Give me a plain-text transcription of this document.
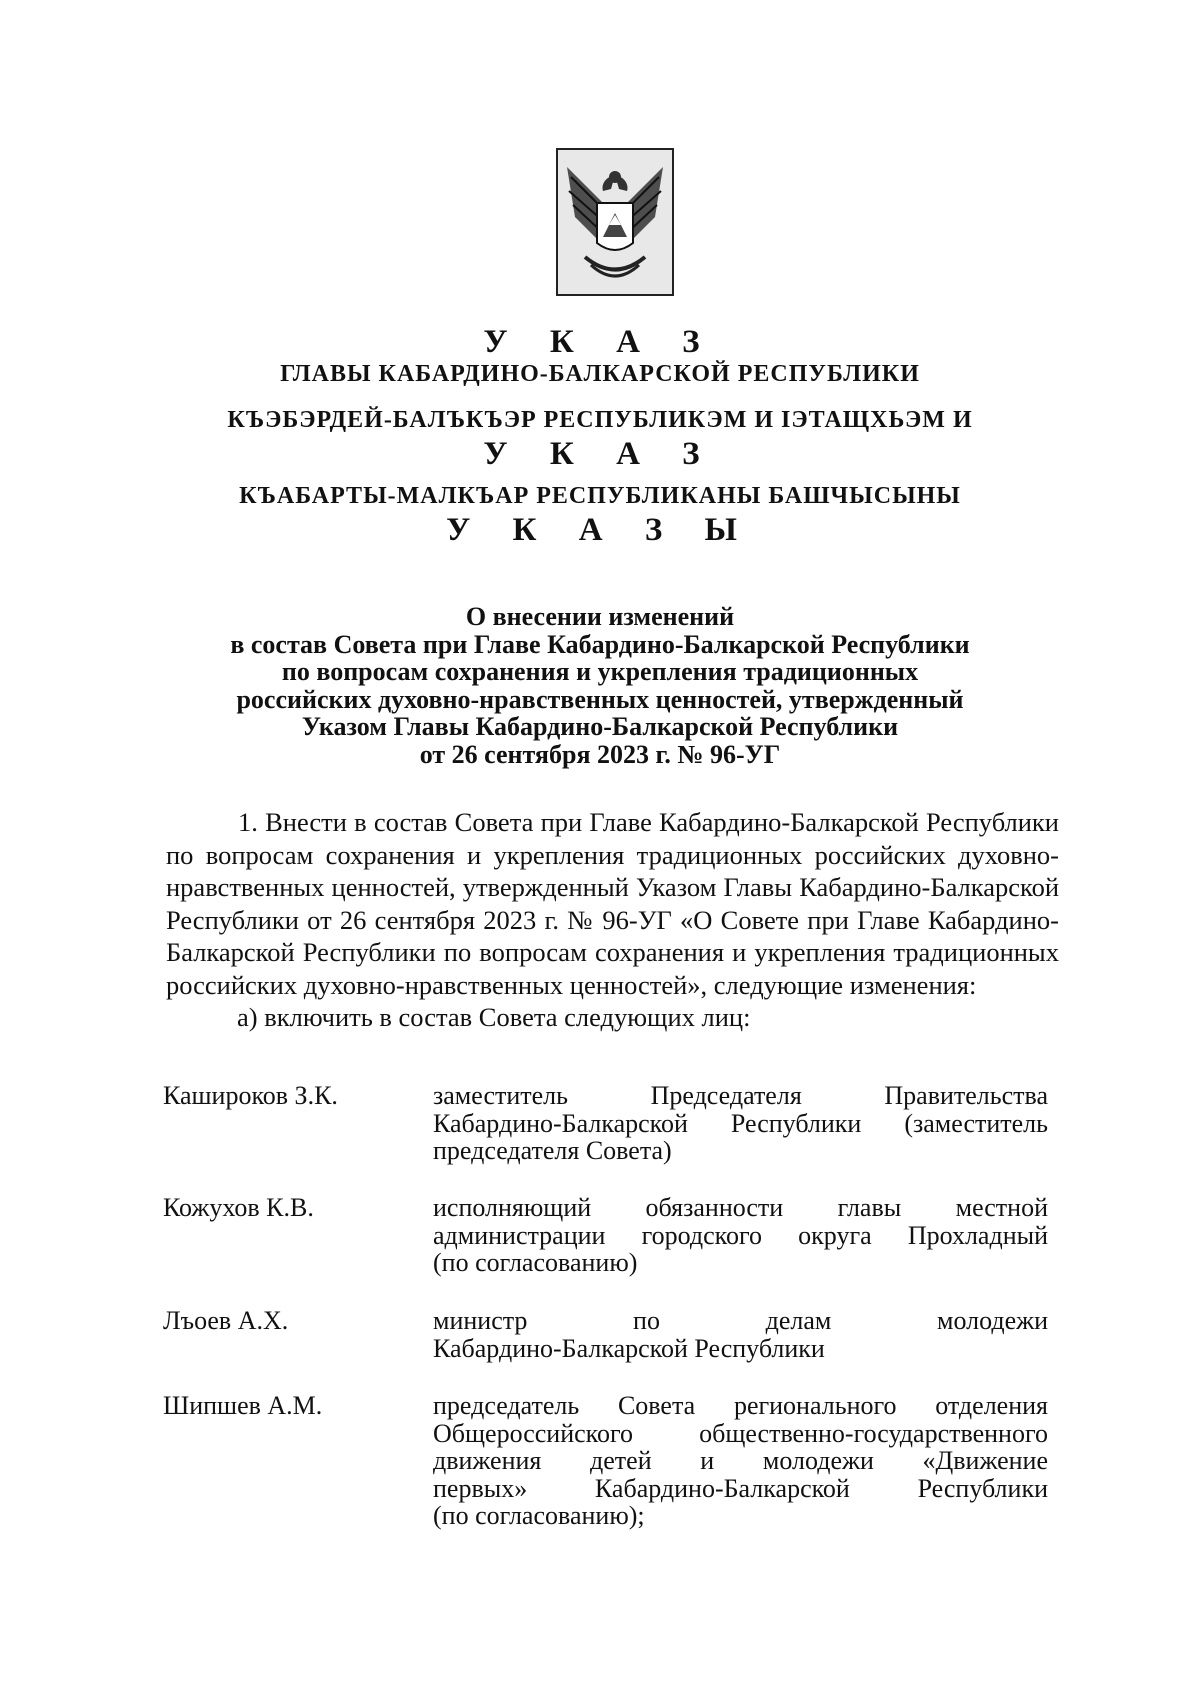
У К А З
ГЛАВЫ КАБАРДИНО-БАЛКАРСКОЙ РЕСПУБЛИКИ
КЪЭБЭРДЕЙ-БАЛЪКЪЭР РЕСПУБЛИКЭМ И IЭТАЩХЬЭМ И
У К А З
КЪАБАРТЫ-МАЛКЪАР РЕСПУБЛИКАНЫ БАШЧЫСЫНЫ
У К А З Ы
О внесении изменений
в состав Совета при Главе Кабардино-Балкарской Республики
по вопросам сохранения и укрепления традиционных
российских духовно-нравственных ценностей, утвержденный
Указом Главы Кабардино-Балкарской Республики
от 26 сентября 2023 г. № 96-УГ

1. Внести в состав Совета при Главе Кабардино-Балкарской Республики по вопросам сохранения и укрепления традиционных российских духовно-нравственных ценностей, утвержденный Указом Главы Кабардино-Балкарской Республики от 26 сентября 2023 г. № 96-УГ «О Совете при Главе Кабардино-Балкарской Республики по вопросам сохранения и укрепления традиционных российских духовно-нравственных ценностей», следующие изменения:

а) включить в состав Совета следующих лиц:

Кашироков З.К.	заместитель Председателя Правительства
Кабардино-Балкарской Республики (заместитель
председателя Совета)
Кожухов К.В.	исполняющий обязанности главы местной
администрации городского округа Прохладный
(по согласованию)
Лъоев А.Х.	министр по делам молодежи
Кабардино-Балкарской Республики
Шипшев А.М.	председатель Совета регионального отделения
Общероссийского общественно-государственного
движения детей и молодежи «Движение
первых» Кабардино-Балкарской Республики
(по согласованию);
